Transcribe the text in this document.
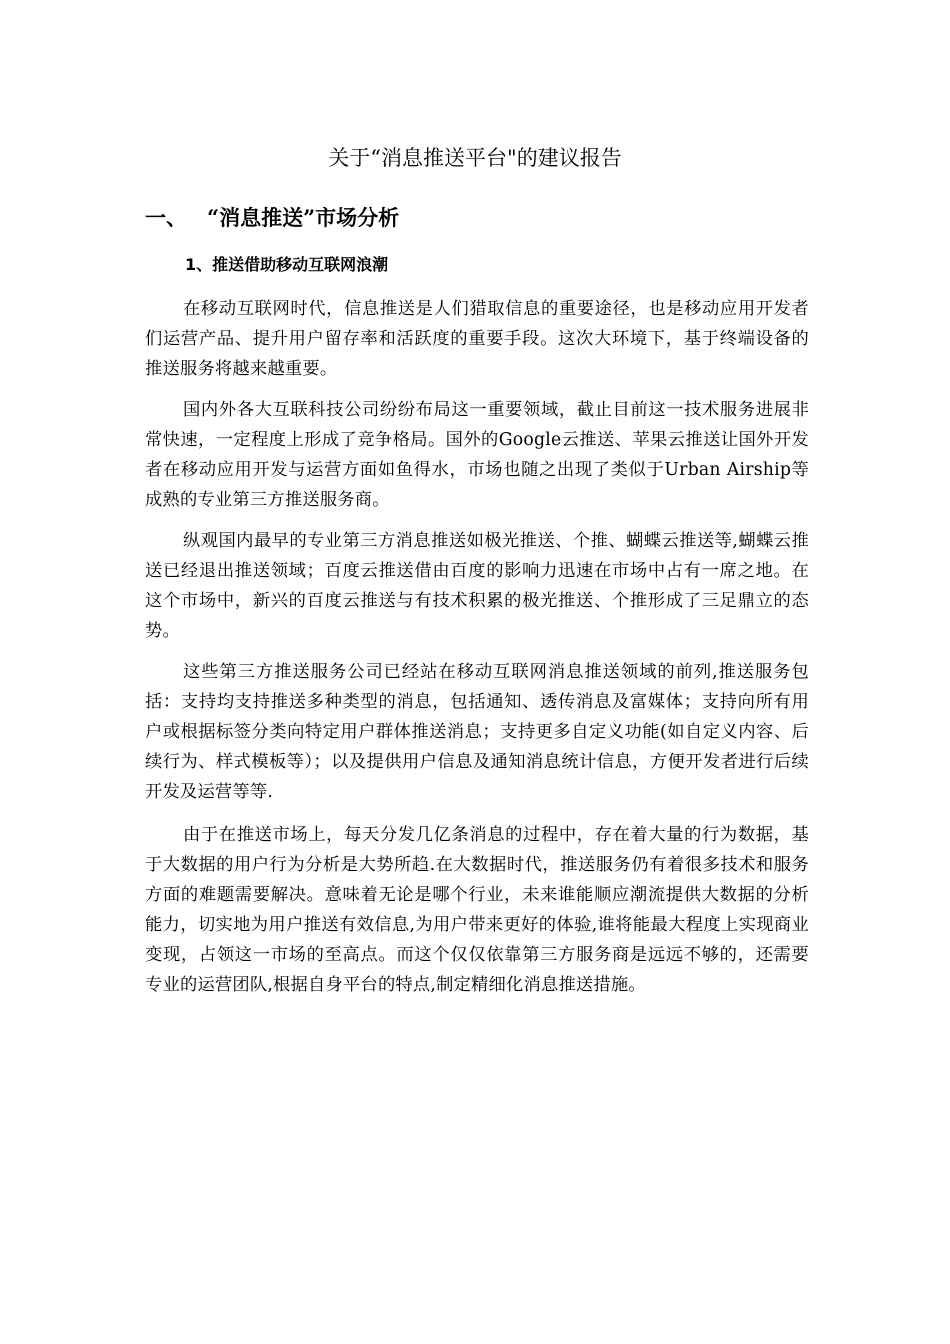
关于“消息推送平台"的建议报告
一、 “消息推送”市场分析
1、推送借助移动互联网浪潮

在移动互联网时代，信息推送是人们猎取信息的重要途径，也是移动应用开发者们运营产品、提升用户留存率和活跃度的重要手段。这次大环境下，基于终端设备的推送服务将越来越重要。

国内外各大互联科技公司纷纷布局这一重要领域，截止目前这一技术服务进展非常快速，一定程度上形成了竞争格局。国外的Google云推送、苹果云推送让国外开发者在移动应用开发与运营方面如鱼得水，市场也随之出现了类似于Urban Airship等成熟的专业第三方推送服务商。

纵观国内最早的专业第三方消息推送如极光推送、个推、蝴蝶云推送等,蝴蝶云推送已经退出推送领域；百度云推送借由百度的影响力迅速在市场中占有一席之地。在这个市场中，新兴的百度云推送与有技术积累的极光推送、个推形成了三足鼎立的态势。

这些第三方推送服务公司已经站在移动互联网消息推送领域的前列,推送服务包括：支持均支持推送多种类型的消息，包括通知、透传消息及富媒体；支持向所有用户或根据标签分类向特定用户群体推送消息；支持更多自定义功能(如自定义内容、后续行为、样式模板等）；以及提供用户信息及通知消息统计信息，方便开发者进行后续开发及运营等等.

由于在推送市场上，每天分发几亿条消息的过程中，存在着大量的行为数据，基于大数据的用户行为分析是大势所趋.在大数据时代，推送服务仍有着很多技术和服务方面的难题需要解决。意味着无论是哪个行业，未来谁能顺应潮流提供大数据的分析能力，切实地为用户推送有效信息,为用户带来更好的体验,谁将能最大程度上实现商业变现，占领这一市场的至高点。而这个仅仅依靠第三方服务商是远远不够的，还需要专业的运营团队,根据自身平台的特点,制定精细化消息推送措施。
